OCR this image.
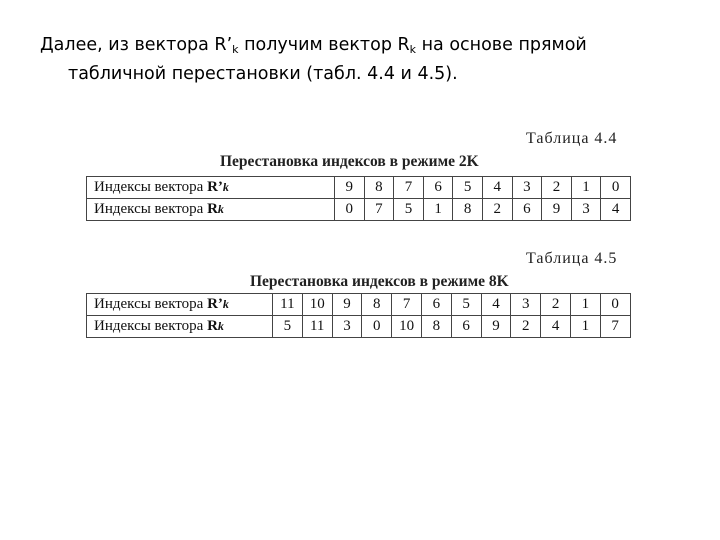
Далее, из вектора $R’_k$ получим вектор $R_k$ на основе прямой
табличной перестановки (табл. 4.4 и 4.5).
Таблица 4.4
Перестановка индексов в режиме 2K
Индексы вектора R’k	9	8	7	6	5	4	3	2	1	0
Индексы вектора Rk	0	7	5	1	8	2	6	9	3	4
Таблица 4.5
Перестановка индексов в режиме 8K
Индексы вектора R’k	11	10	9	8	7	6	5	4	3	2	1	0
Индексы вектора Rk	5	11	3	0	10	8	6	9	2	4	1	7
